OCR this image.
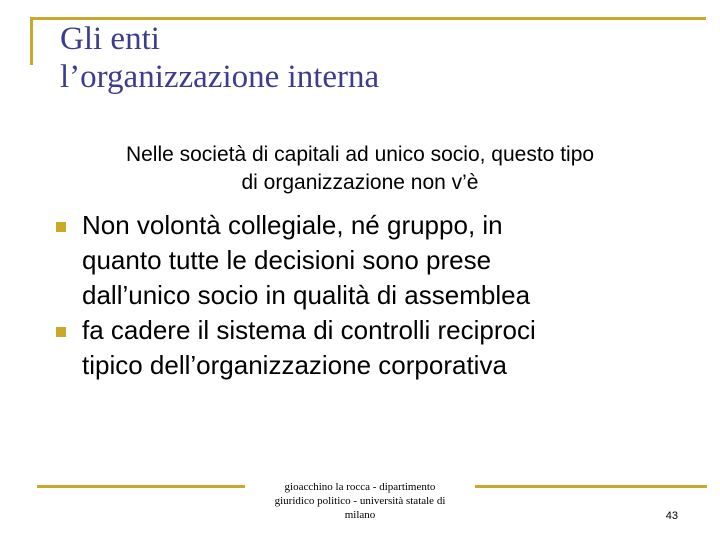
Gli enti
l’organizzazione interna
Nelle società di capitali ad unico socio, questo tipo
di organizzazione non v’è
Non volontà collegiale, né gruppo, in
quanto tutte le decisioni sono prese
dall’unico socio in qualità di assemblea
fa cadere il sistema di controlli reciproci
tipico dell’organizzazione corporativa
gioacchino la rocca - dipartimento
giuridico politico - università statale di
milano	43
